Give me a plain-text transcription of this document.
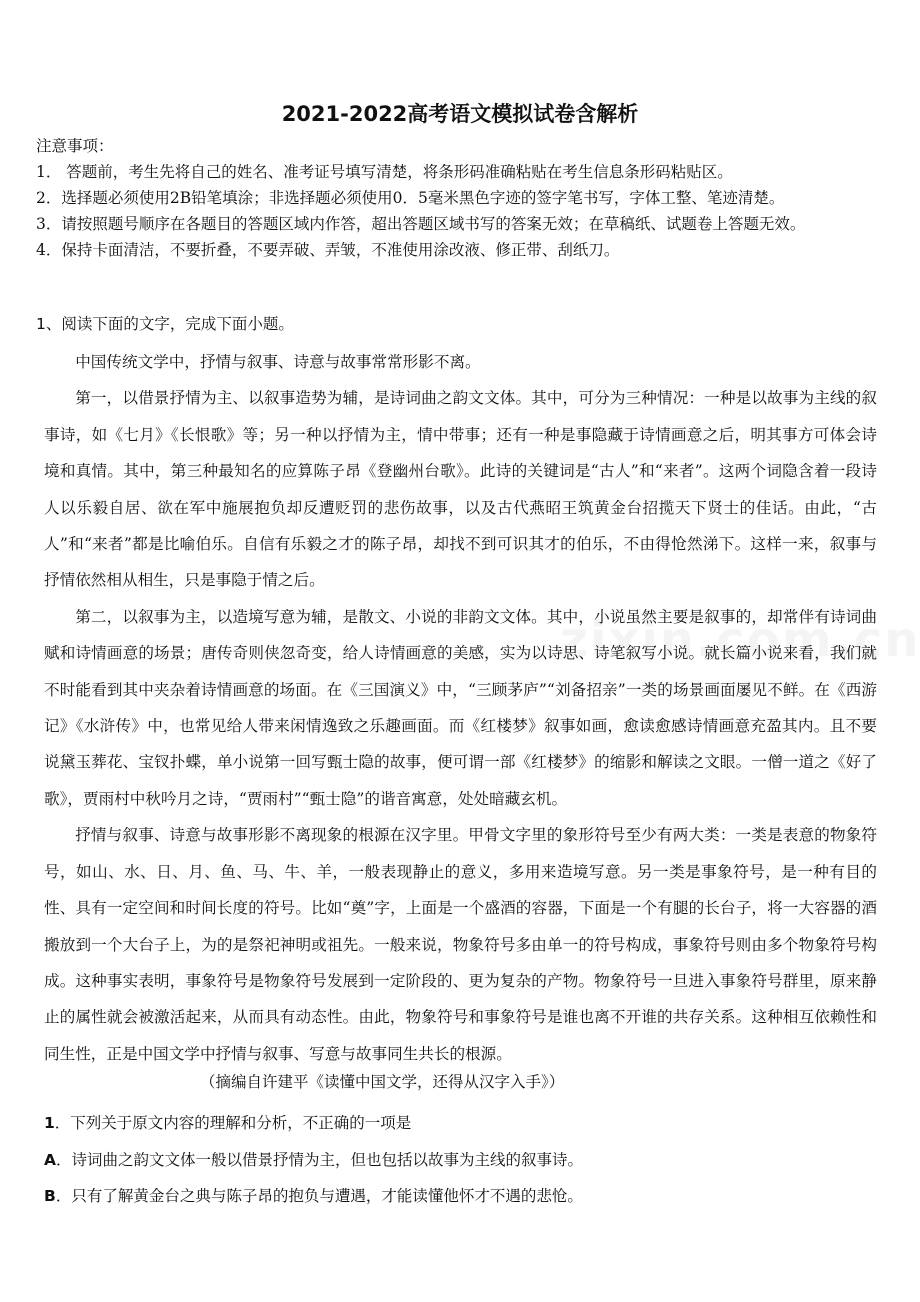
2021-2022高考语文模拟试卷含解析
注意事项：
1． 答题前，考生先将自己的姓名、准考证号填写清楚，将条形码准确粘贴在考生信息条形码粘贴区。
2．选择题必须使用2B铅笔填涂；非选择题必须使用0．5毫米黑色字迹的签字笔书写，字体工整、笔迹清楚。
3．请按照题号顺序在各题目的答题区域内作答，超出答题区域书写的答案无效；在草稿纸、试题卷上答题无效。
4．保持卡面清洁，不要折叠，不要弄破、弄皱，不准使用涂改液、修正带、刮纸刀。
1、阅读下面的文字，完成下面小题。

中国传统文学中，抒情与叙事、诗意与故事常常形影不离。

第一，以借景抒情为主、以叙事造势为辅，是诗词曲之韵文文体。其中，可分为三种情况：一种是以故事为主线的叙事诗，如《七月》《长恨歌》等；另一种以抒情为主，情中带事；还有一种是事隐藏于诗情画意之后，明其事方可体会诗境和真情。其中，第三种最知名的应算陈子昂《登幽州台歌》。此诗的关键词是“古人”和“来者”。这两个词隐含着一段诗人以乐毅自居、欲在军中施展抱负却反遭贬罚的悲伤故事，以及古代燕昭王筑黄金台招揽天下贤士的佳话。由此，“古人”和“来者”都是比喻伯乐。自信有乐毅之才的陈子昂，却找不到可识其才的伯乐，不由得怆然涕下。这样一来，叙事与抒情依然相从相生，只是事隐于情之后。

第二，以叙事为主，以造境写意为辅，是散文、小说的非韵文文体。其中，小说虽然主要是叙事的，却常伴有诗词曲赋和诗情画意的场景；唐传奇则侠忽奇变，给人诗情画意的美感，实为以诗思、诗笔叙写小说。就长篇小说来看，我们就不时能看到其中夹杂着诗情画意的场面。在《三国演义》中，“三顾茅庐”“刘备招亲”一类的场景画面屡见不鲜。在《西游记》《水浒传》中，也常见给人带来闲情逸致之乐趣画面。而《红楼梦》叙事如画，愈读愈感诗情画意充盈其内。且不要说黛玉葬花、宝钗扑蝶，单小说第一回写甄士隐的故事，便可谓一部《红楼梦》的缩影和解读之文眼。一僧一道之《好了歌》，贾雨村中秋吟月之诗，“贾雨村”“甄士隐”的谐音寓意，处处暗藏玄机。

抒情与叙事、诗意与故事形影不离现象的根源在汉字里。甲骨文字里的象形符号至少有两大类：一类是表意的物象符号，如山、水、日、月、鱼、马、牛、羊，一般表现静止的意义，多用来造境写意。另一类是事象符号，是一种有目的性、具有一定空间和时间长度的符号。比如“奠”字，上面是一个盛酒的容器，下面是一个有腿的长台子，将一大容器的酒搬放到一个大台子上，为的是祭祀神明或祖先。一般来说，物象符号多由单一的符号构成，事象符号则由多个物象符号构成。这种事实表明，事象符号是物象符号发展到一定阶段的、更为复杂的产物。物象符号一旦进入事象符号群里，原来静止的属性就会被激活起来，从而具有动态性。由此，物象符号和事象符号是谁也离不开谁的共存关系。这种相互依赖性和同生性，正是中国文学中抒情与叙事、写意与故事同生共长的根源。

（摘编自许建平《读懂中国文学，还得从汉字入手》）
1．下列关于原文内容的理解和分析，不正确的一项是
A．诗词曲之韵文文体一般以借景抒情为主，但也包括以故事为主线的叙事诗。
B．只有了解黄金台之典与陈子昂的抱负与遭遇，才能读懂他怀才不遇的悲怆。
